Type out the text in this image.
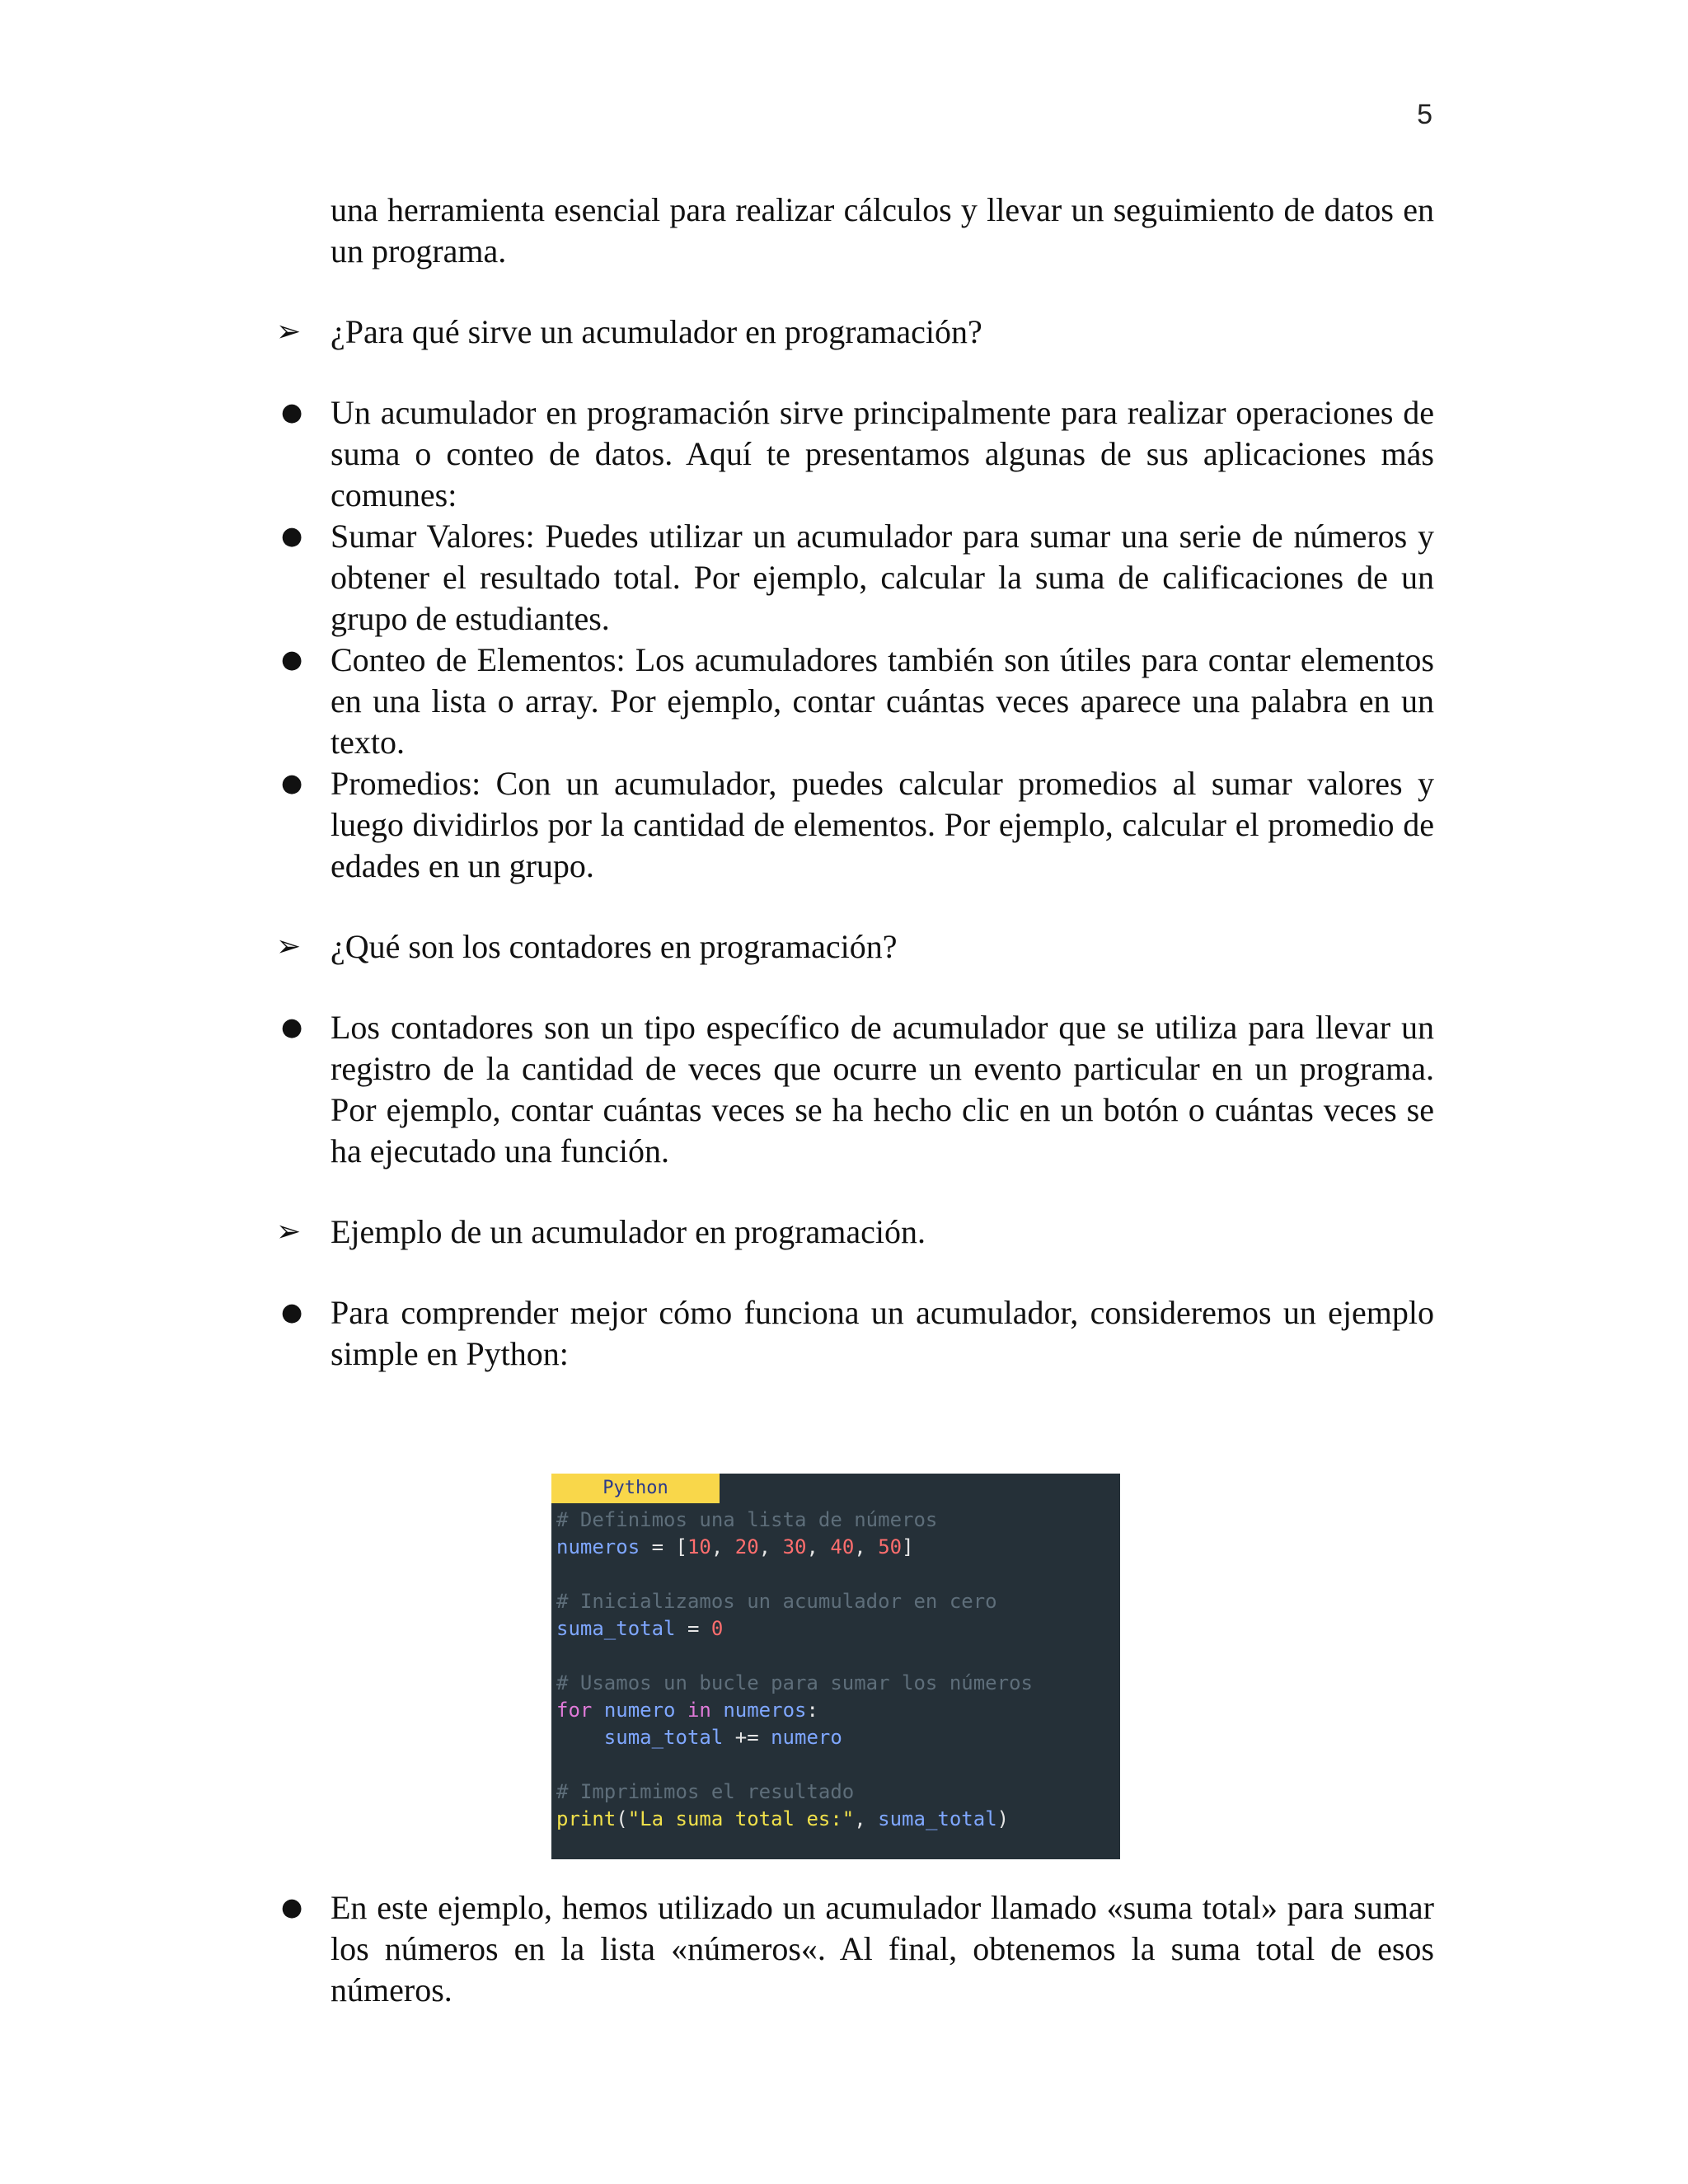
5

una herramienta esencial para realizar cálculos y llevar un seguimiento de datos en un programa.

➢ ¿Para qué sirve un acumulador en programación?
● Un acumulador en programación sirve principalmente para realizar operaciones de suma o conteo de datos. Aquí te presentamos algunas de sus aplicaciones más comunes:
● Sumar Valores: Puedes utilizar un acumulador para sumar una serie de números y obtener el resultado total. Por ejemplo, calcular la suma de calificaciones de un grupo de estudiantes.
● Conteo de Elementos: Los acumuladores también son útiles para contar elementos en una lista o array. Por ejemplo, contar cuántas veces aparece una palabra en un texto.
● Promedios: Con un acumulador, puedes calcular promedios al sumar valores y luego dividirlos por la cantidad de elementos. Por ejemplo, calcular el promedio de edades en un grupo.
➢ ¿Qué son los contadores en programación?
● Los contadores son un tipo específico de acumulador que se utiliza para llevar un registro de la cantidad de veces que ocurre un evento particular en un programa. Por ejemplo, contar cuántas veces se ha hecho clic en un botón o cuántas veces se ha ejecutado una función.
➢ Ejemplo de un acumulador en programación.
● Para comprender mejor cómo funciona un acumulador, consideremos un ejemplo simple en Python:
Python
# Definimos una lista de números
numeros = [10, 20, 30, 40, 50]

# Inicializamos un acumulador en cero
suma_total = 0

# Usamos un bucle para sumar los números
for numero in numeros:
suma_total += numero

# Imprimimos el resultado
print("La suma total es:", suma_total)
● En este ejemplo, hemos utilizado un acumulador llamado «suma total» para sumar los números en la lista «números«. Al final, obtenemos la suma total de esos números.
